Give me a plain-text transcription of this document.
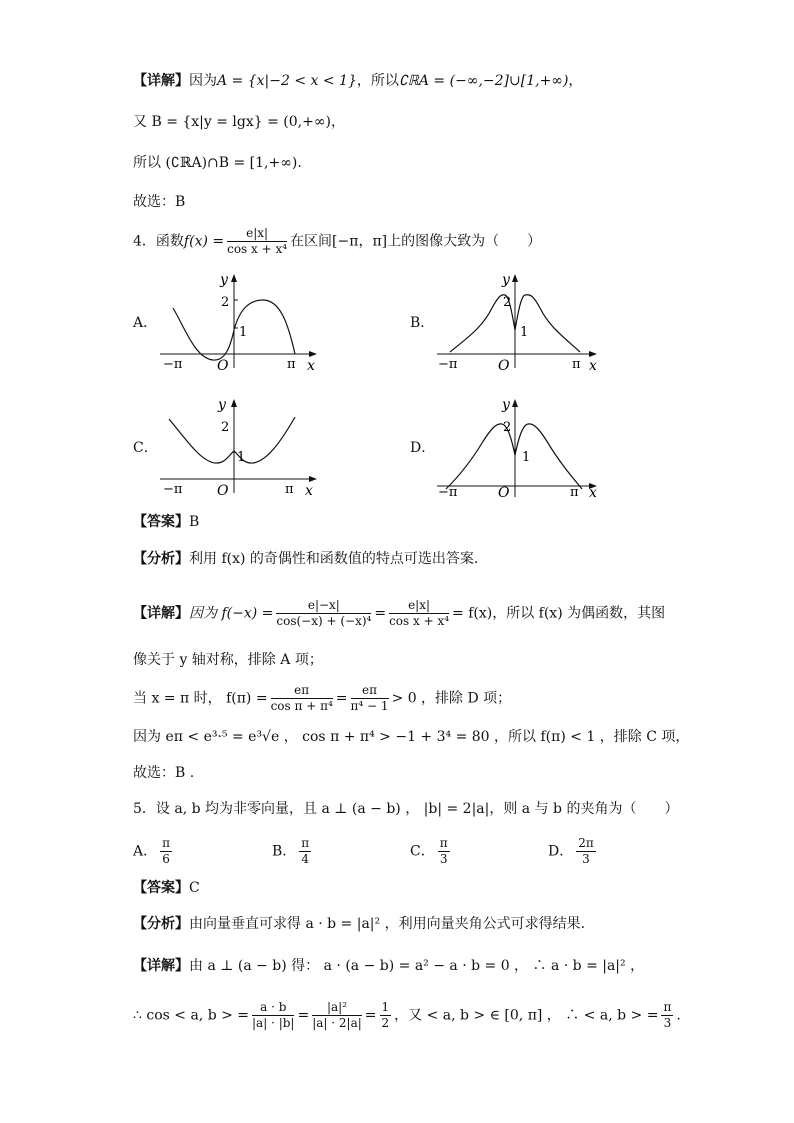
【详解】因为A = {x|−2 < x < 1}，所以∁ℝA = (−∞,−2]∪[1,+∞)，
又 B = {x|y = lgx} = (0,+∞)，
所以 (∁ℝA)∩B = [1,+∞).
故选：B
4．函数$f(x) = \frac{e|x|}{\text{cos x + x⁴}}$ 在区间[−π，π]上的图像大致为（　　）
A．	B．
C．	D．
−π	π
O	x
y
2
1
−π	π
O	x
y
2
1
−π	π
O	x
y
2
1
−π	π
O	x
y
2
1
【答案】B
【分析】利用 f(x) 的奇偶性和函数值的特点可选出答案.
【详解】因为 $f(-x) = \frac{e|-x|}{\text{cos(−x) + (−x)⁴}} = \frac{e|x|}{\text{cos x + x⁴}} = f(x)$，所以 f(x) 为偶函数，其图
像关于 y 轴对称，排除 A 项；
当 x = π 时， $f(\pi) = \frac{e\pi}{\text{cos π + π⁴}} = \frac{e\pi}{\text{π⁴ − 1}} > 0$ ，排除 D 项；
因为 eπ < e³·⁵ = e³√e ， cos π + π⁴ > −1 + 3⁴ = 80 ，所以 f(π) < 1 ，排除 C 项，
故选：B .
5．设 a, b 均为非零向量，且 a ⊥ (a − b) ， |b| = 2|a|，则 a 与 b 的夹角为（　　）
A． $\frac{\pi}{6}$	B． $\frac{\pi}{4}$	C． $\frac{\pi}{3}$	D． $\frac{2\pi}{3}$
【答案】C
【分析】由向量垂直可求得 a · b = |a|² ，利用向量夹角公式可求得结果.
【详解】由 a ⊥ (a − b) 得： a · (a − b) = a² − a · b = 0 ， ∴ a · b = |a|² ，
∴ cos < a, b > = $\frac{a \cdot b}{|a| \cdot |b|} = \frac{\text{|a|²}}{|a| \cdot 2|a|} = \frac{1}{2}$ ，又 < a, b > ∈ [0, π] ， ∴ < a, b > = $\frac{\pi}{3}$ .
